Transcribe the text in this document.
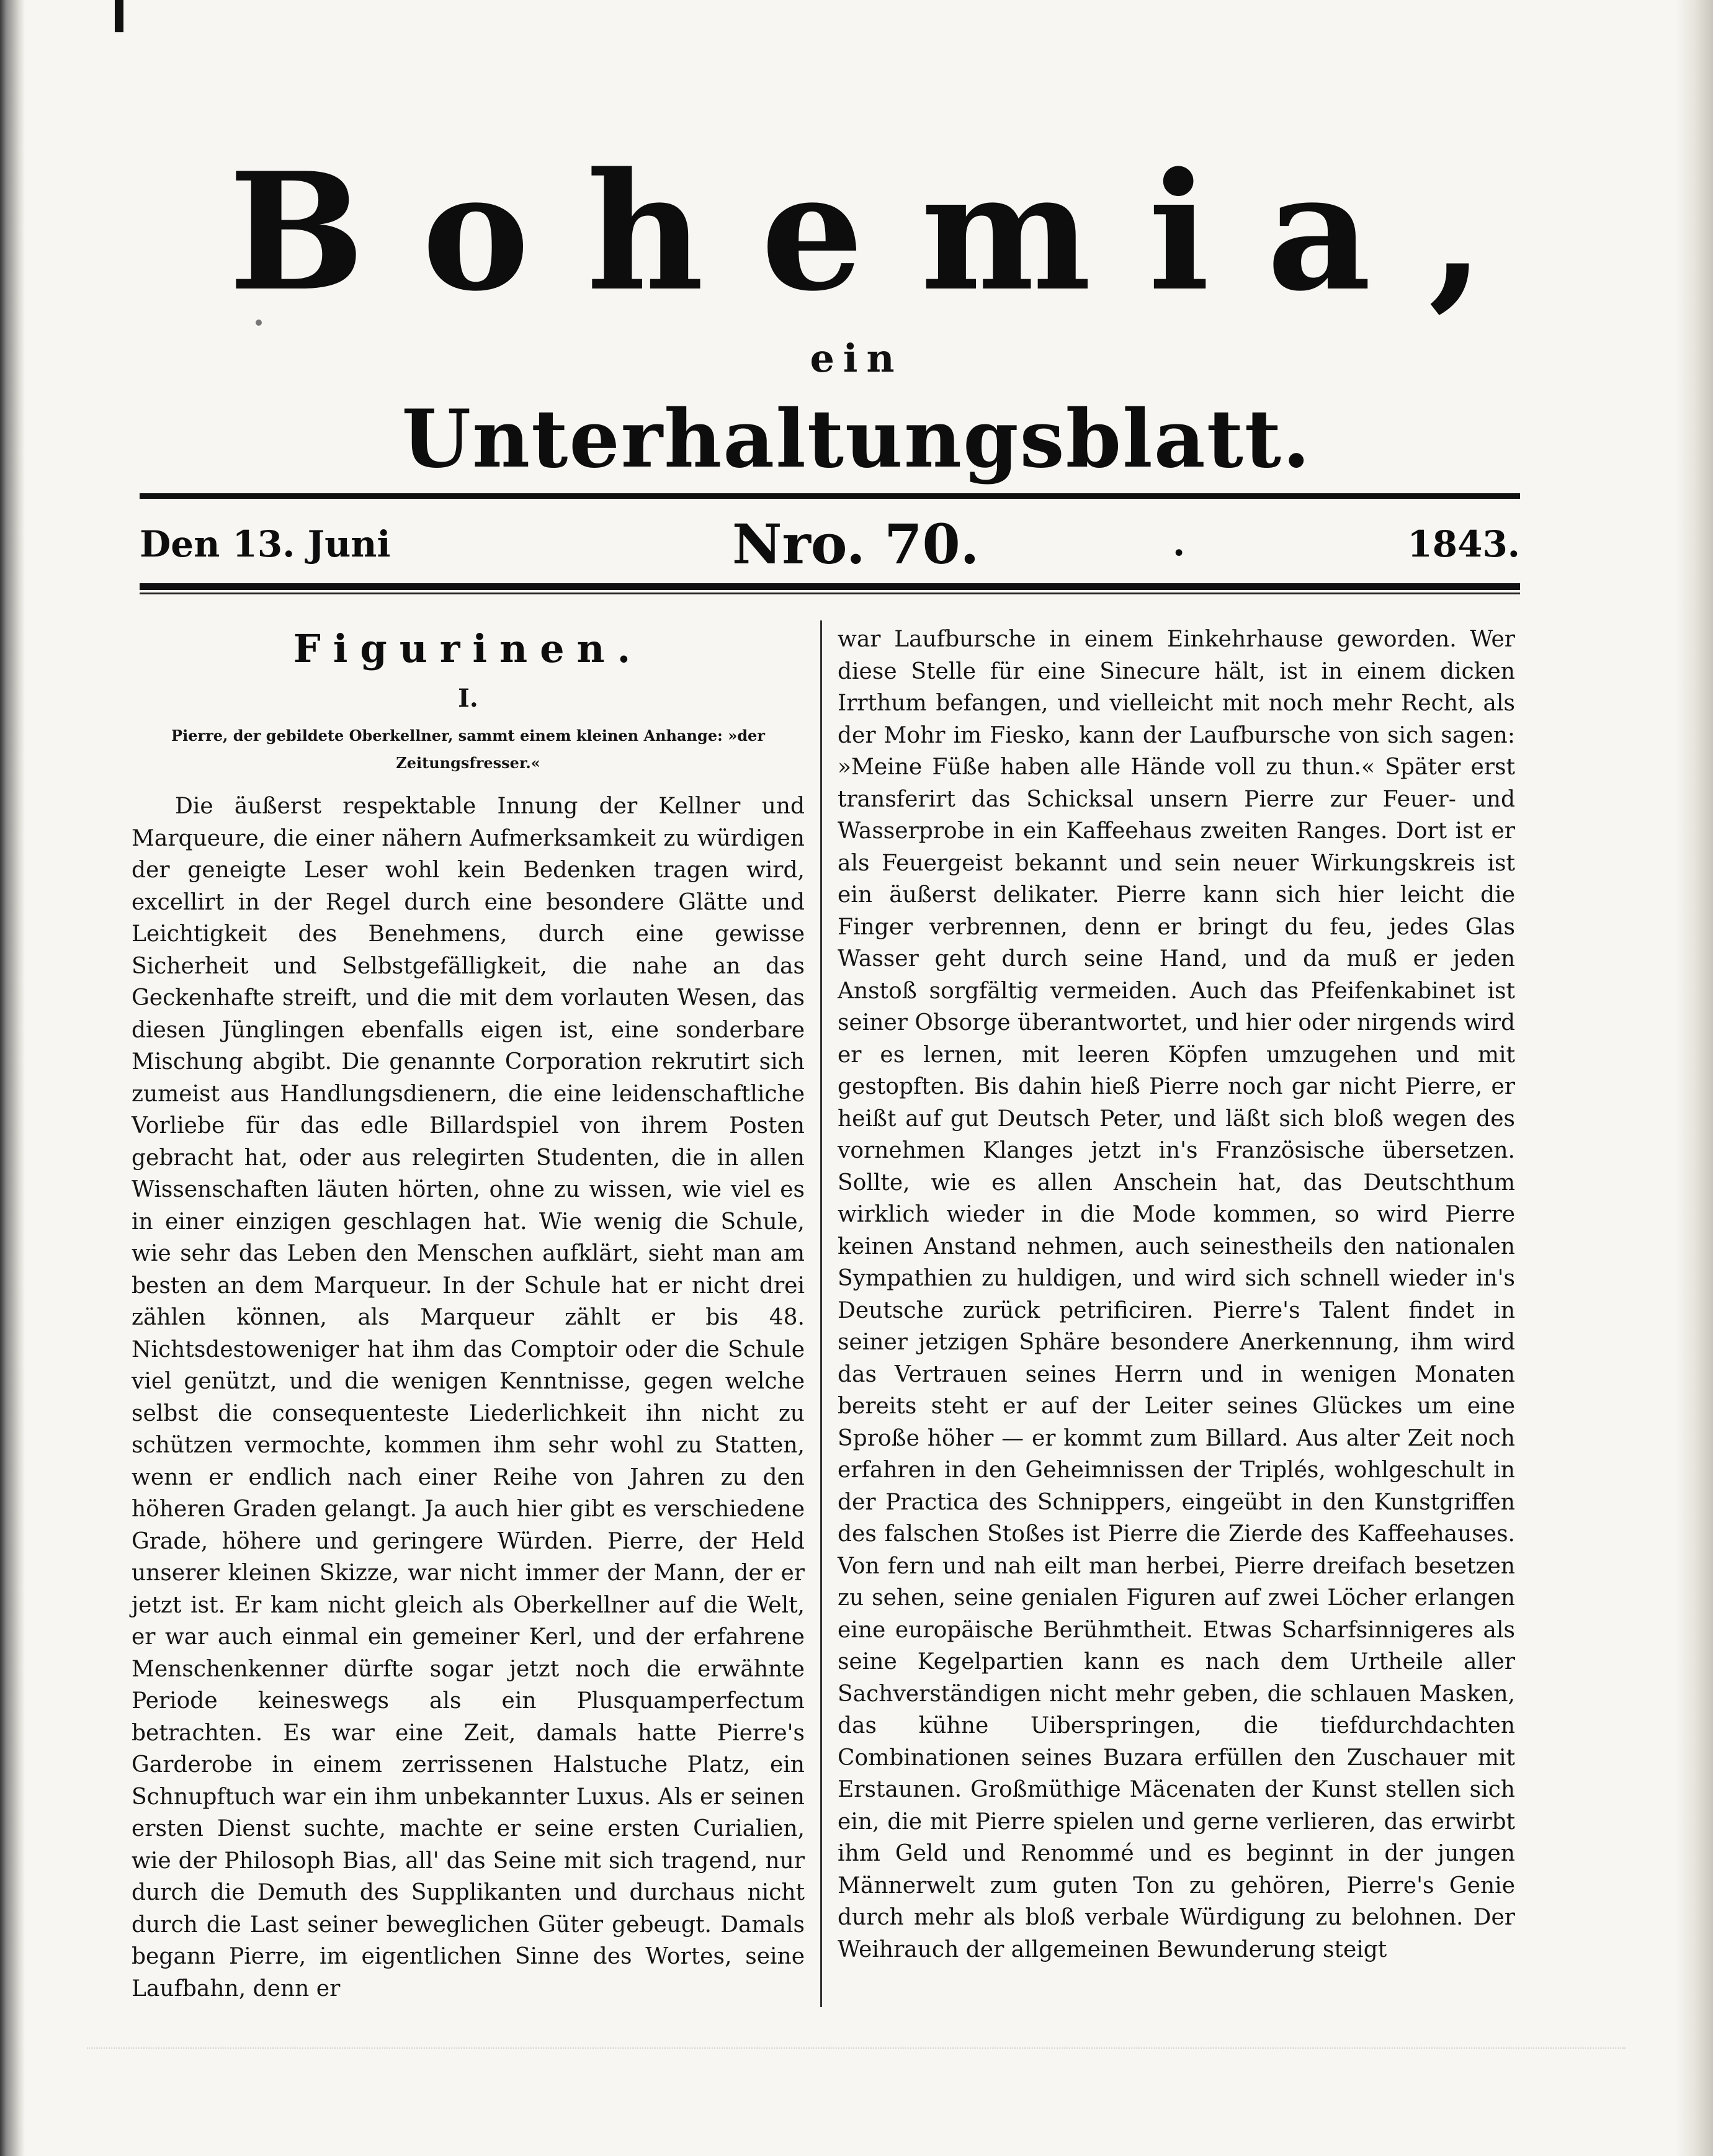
Bohemia,
ein
Unterhaltungsblatt.
Den 13. Juni	Nro. 70.	.	1843.
Figurinen.
I.
Pierre, der gebildete Oberkellner, sammt einem kleinen Anhange: »der Zeitungsfresser.«

Die äußerst respektable Innung der Kellner und Marqueure, die einer nähern Aufmerksamkeit zu würdigen der geneigte Leser wohl kein Bedenken tragen wird, excellirt in der Regel durch eine besondere Glätte und Leichtigkeit des Benehmens, durch eine gewisse Sicherheit und Selbstgefälligkeit, die nahe an das Geckenhafte streift, und die mit dem vorlauten Wesen, das diesen Jünglingen ebenfalls eigen ist, eine sonderbare Mischung abgibt. Die genannte Corporation rekrutirt sich zumeist aus Handlungsdienern, die eine leidenschaftliche Vorliebe für das edle Billardspiel von ihrem Posten gebracht hat, oder aus relegirten Studenten, die in allen Wissenschaften läuten hörten, ohne zu wissen, wie viel es in einer einzigen geschlagen hat. Wie wenig die Schule, wie sehr das Leben den Menschen aufklärt, sieht man am besten an dem Marqueur. In der Schule hat er nicht drei zählen können, als Marqueur zählt er bis 48. Nichtsdestoweniger hat ihm das Comptoir oder die Schule viel genützt, und die wenigen Kenntnisse, gegen welche selbst die consequenteste Liederlichkeit ihn nicht zu schützen vermochte, kommen ihm sehr wohl zu Statten, wenn er endlich nach einer Reihe von Jahren zu den höheren Graden gelangt. Ja auch hier gibt es verschiedene Grade, höhere und geringere Würden. Pierre, der Held unserer kleinen Skizze, war nicht immer der Mann, der er jetzt ist. Er kam nicht gleich als Oberkellner auf die Welt, er war auch einmal ein gemeiner Kerl, und der erfahrene Menschenkenner dürfte sogar jetzt noch die erwähnte Periode keineswegs als ein Plusquamperfectum betrachten. Es war eine Zeit, damals hatte Pierre's Garderobe in einem zerrissenen Halstuche Platz, ein Schnupftuch war ein ihm unbekannter Luxus. Als er seinen ersten Dienst suchte, machte er seine ersten Curialien, wie der Philosoph Bias, all' das Seine mit sich tragend, nur durch die Demuth des Supplikanten und durchaus nicht durch die Last seiner beweglichen Güter gebeugt. Damals begann Pierre, im eigentlichen Sinne des Wortes, seine Laufbahn, denn er

war Laufbursche in einem Einkehrhause geworden. Wer diese Stelle für eine Sinecure hält, ist in einem dicken Irrthum befangen, und vielleicht mit noch mehr Recht, als der Mohr im Fiesko, kann der Laufbursche von sich sagen: »Meine Füße haben alle Hände voll zu thun.« Später erst transferirt das Schicksal unsern Pierre zur Feuer- und Wasserprobe in ein Kaffeehaus zweiten Ranges. Dort ist er als Feuergeist bekannt und sein neuer Wirkungskreis ist ein äußerst delikater. Pierre kann sich hier leicht die Finger verbrennen, denn er bringt du feu, jedes Glas Wasser geht durch seine Hand, und da muß er jeden Anstoß sorgfältig vermeiden. Auch das Pfeifenkabinet ist seiner Obsorge überantwortet, und hier oder nirgends wird er es lernen, mit leeren Köpfen umzugehen und mit gestopften. Bis dahin hieß Pierre noch gar nicht Pierre, er heißt auf gut Deutsch Peter, und läßt sich bloß wegen des vornehmen Klanges jetzt in's Französische übersetzen. Sollte, wie es allen Anschein hat, das Deutschthum wirklich wieder in die Mode kommen, so wird Pierre keinen Anstand nehmen, auch seinestheils den nationalen Sympathien zu huldigen, und wird sich schnell wieder in's Deutsche zurück petrificiren. Pierre's Talent findet in seiner jetzigen Sphäre besondere Anerkennung, ihm wird das Vertrauen seines Herrn und in wenigen Monaten bereits steht er auf der Leiter seines Glückes um eine Sproße höher — er kommt zum Billard. Aus alter Zeit noch erfahren in den Geheimnissen der Triplés, wohlgeschult in der Practica des Schnippers, eingeübt in den Kunstgriffen des falschen Stoßes ist Pierre die Zierde des Kaffeehauses. Von fern und nah eilt man herbei, Pierre dreifach besetzen zu sehen, seine genialen Figuren auf zwei Löcher erlangen eine europäische Berühmtheit. Etwas Scharfsinnigeres als seine Kegelpartien kann es nach dem Urtheile aller Sachverständigen nicht mehr geben, die schlauen Masken, das kühne Uiberspringen, die tiefdurchdachten Combinationen seines Buzara erfüllen den Zuschauer mit Erstaunen. Großmüthige Mäcenaten der Kunst stellen sich ein, die mit Pierre spielen und gerne verlieren, das erwirbt ihm Geld und Renommé und es beginnt in der jungen Männerwelt zum guten Ton zu gehören, Pierre's Genie durch mehr als bloß verbale Würdigung zu belohnen. Der Weihrauch der allgemeinen Bewunderung steigt
